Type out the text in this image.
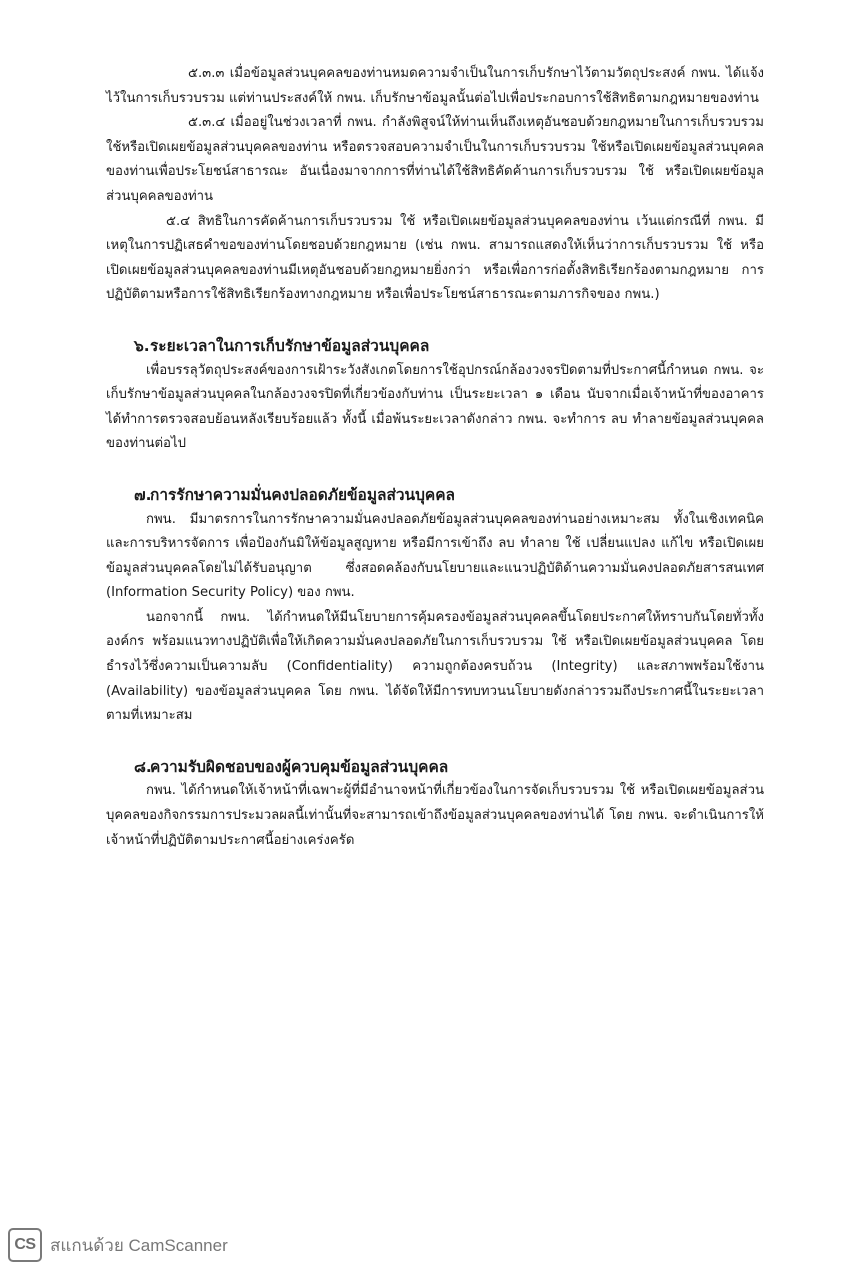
๕.๓.๓ เมื่อข้อมูลส่วนบุคคลของท่านหมดความจำเป็นในการเก็บรักษาไว้ตามวัตถุประสงค์ กพน. ได้แจ้งไว้ในการเก็บรวบรวม แต่ท่านประสงค์ให้ กพน. เก็บรักษาข้อมูลนั้นต่อไปเพื่อประกอบการใช้สิทธิตามกฎหมายของท่าน

๕.๓.๔ เมื่ออยู่ในช่วงเวลาที่ กพน. กำลังพิสูจน์ให้ท่านเห็นถึงเหตุอันชอบด้วยกฎหมายในการเก็บรวบรวม ใช้หรือเปิดเผยข้อมูลส่วนบุคคลของท่าน หรือตรวจสอบความจำเป็นในการเก็บรวบรวม ใช้หรือเปิดเผยข้อมูลส่วนบุคคลของท่านเพื่อประโยชน์สาธารณะ อันเนื่องมาจากการที่ท่านได้ใช้สิทธิคัดค้านการเก็บรวบรวม ใช้ หรือเปิดเผยข้อมูลส่วนบุคคลของท่าน

๕.๔ สิทธิในการคัดค้านการเก็บรวบรวม ใช้ หรือเปิดเผยข้อมูลส่วนบุคคลของท่าน เว้นแต่กรณีที่ กพน. มีเหตุในการปฏิเสธคำขอของท่านโดยชอบด้วยกฎหมาย (เช่น กพน. สามารถแสดงให้เห็นว่าการเก็บรวบรวม ใช้ หรือเปิดเผยข้อมูลส่วนบุคคลของท่านมีเหตุอันชอบด้วยกฎหมายยิ่งกว่า หรือเพื่อการก่อตั้งสิทธิเรียกร้องตามกฎหมาย การปฏิบัติตามหรือการใช้สิทธิเรียกร้องทางกฎหมาย หรือเพื่อประโยชน์สาธารณะตามภารกิจของ กพน.)

๖.ระยะเวลาในการเก็บรักษาข้อมูลส่วนบุคคล

เพื่อบรรลุวัตถุประสงค์ของการเฝ้าระวังสังเกตโดยการใช้อุปกรณ์กล้องวงจรปิดตามที่ประกาศนี้กำหนด กพน. จะเก็บรักษาข้อมูลส่วนบุคคลในกล้องวงจรปิดที่เกี่ยวข้องกับท่าน เป็นระยะเวลา ๑ เดือน นับจากเมื่อเจ้าหน้าที่ของอาคารได้ทำการตรวจสอบย้อนหลังเรียบร้อยแล้ว ทั้งนี้ เมื่อพ้นระยะเวลาดังกล่าว กพน. จะทำการ ลบ ทำลายข้อมูลส่วนบุคคลของท่านต่อไป

๗.การรักษาความมั่นคงปลอดภัยข้อมูลส่วนบุคคล

กพน. มีมาตรการในการรักษาความมั่นคงปลอดภัยข้อมูลส่วนบุคคลของท่านอย่างเหมาะสม ทั้งในเชิงเทคนิคและการบริหารจัดการ เพื่อป้องกันมิให้ข้อมูลสูญหาย หรือมีการเข้าถึง ลบ ทำลาย ใช้ เปลี่ยนแปลง แก้ไข หรือเปิดเผยข้อมูลส่วนบุคคลโดยไม่ได้รับอนุญาต ซึ่งสอดคล้องกับนโยบายและแนวปฏิบัติด้านความมั่นคงปลอดภัยสารสนเทศ (Information Security Policy) ของ กพน.

นอกจากนี้ กพน. ได้กำหนดให้มีนโยบายการคุ้มครองข้อมูลส่วนบุคคลขึ้นโดยประกาศให้ทราบกันโดยทั่วทั้งองค์กร พร้อมแนวทางปฏิบัติเพื่อให้เกิดความมั่นคงปลอดภัยในการเก็บรวบรวม ใช้ หรือเปิดเผยข้อมูลส่วนบุคคล โดยธำรงไว้ซึ่งความเป็นความลับ (Confidentiality) ความถูกต้องครบถ้วน (Integrity) และสภาพพร้อมใช้งาน (Availability) ของข้อมูลส่วนบุคคล โดย กพน. ได้จัดให้มีการทบทวนนโยบายดังกล่าวรวมถึงประกาศนี้ในระยะเวลาตามที่เหมาะสม

๘.ความรับผิดชอบของผู้ควบคุมข้อมูลส่วนบุคคล

กพน. ได้กำหนดให้เจ้าหน้าที่เฉพาะผู้ที่มีอำนาจหน้าที่เกี่ยวข้องในการจัดเก็บรวบรวม ใช้ หรือเปิดเผยข้อมูลส่วนบุคคลของกิจกรรมการประมวลผลนี้เท่านั้นที่จะสามารถเข้าถึงข้อมูลส่วนบุคคลของท่านได้ โดย กพน. จะดำเนินการให้เจ้าหน้าที่ปฏิบัติตามประกาศนี้อย่างเคร่งครัด

CS สแกนด้วย CamScanner
